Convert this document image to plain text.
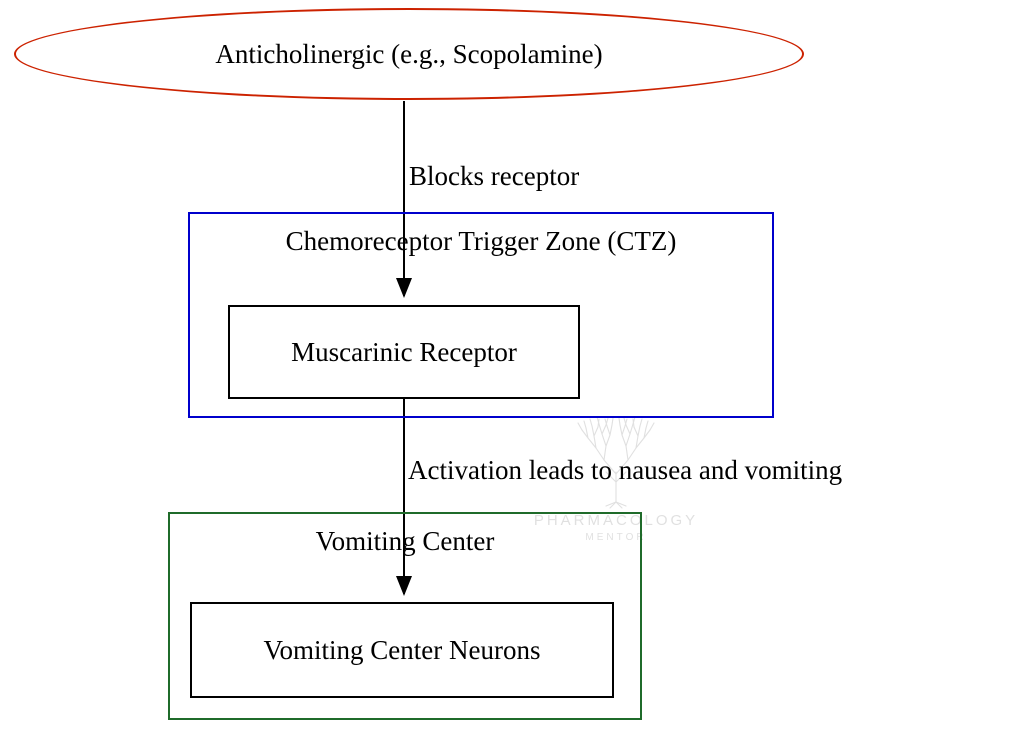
PHARMACOLOGY
MENTOR
Anticholinergic (e.g., Scopolamine)
Blocks receptor
Chemoreceptor Trigger Zone (CTZ)
Muscarinic Receptor
Activation leads to nausea and vomiting
Vomiting Center
Vomiting Center Neurons
